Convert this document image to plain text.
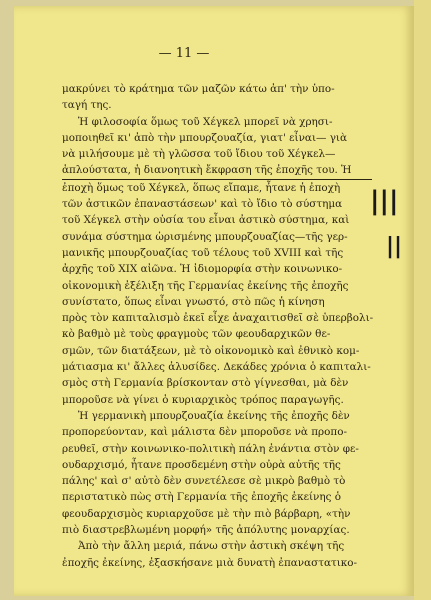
— 11 —
μακρύνει τὸ κράτημα τῶν μαζῶν κάτω ἀπ' τὴν ὑπο-
ταγή της.
Ἡ φιλοσοφία ὅμως τοῦ Χέγκελ μπορεῖ νὰ χρησι-
μοποιηθεῖ κι' ἀπὸ τὴν μπουρζουαζία, γιατ' εἶναι— γιὰ
νὰ μιλήσουμε μὲ τὴ γλῶσσα τοῦ ἴδιου τοῦ Χέγκελ—
ἁπλούστατα, ἡ διανοητικὴ ἔκφραση τῆς ἐποχῆς του. Ἡ
ἐποχὴ ὅμως τοῦ Χέγκελ, ὅπως εἴπαμε, ἦτανε ἡ ἐποχὴ
τῶν ἀστικῶν ἐπαναστάσεων' καὶ τὸ ἴδιο τὸ σύστημα
τοῦ Χέγκελ στὴν οὐσία του εἶναι ἀστικὸ σύστημα, καὶ
συνάμα σύστημα ὡρισμένης μπουρζουαζίας—τῆς γερ-
μανικῆς μπουρζουαζίας τοῦ τέλους τοῦ XVIII καὶ τῆς
ἀρχῆς τοῦ XIX αἰῶνα. Ἡ ἰδιομορφία στὴν κοινωνικο-
οἰκονομικὴ ἐξέλιξη τῆς Γερμανίας ἐκείνης τῆς ἐποχῆς
συνίστατο, ὅπως εἶναι γνωστό, στὸ πῶς ἡ κίνηση
πρὸς τὸν καπιταλισμὸ ἐκεῖ εἶχε ἀναχαιτισθεῖ σὲ ὑπερβολι-
κὸ βαθμὸ μὲ τοὺς φραγμοὺς τῶν φεουδαρχικῶν θε-
σμῶν, τῶν διατάξεων, μὲ τὸ οἰκονομικὸ καὶ ἐθνικὸ κομ-
μάτιασμα κι' ἄλλες ἁλυσίδες. Δεκάδες χρόνια ὁ καπιταλι-
σμὸς στὴ Γερμανία βρίσκονταν στὸ γίγνεσθαι, μὰ δὲν
μποροῦσε νὰ γίνει ὁ κυριαρχικὸς τρόπος παραγωγῆς.
Ἡ γερμανικὴ μπουρζουαζία ἐκείνης τῆς ἐποχῆς δὲν
προπορεύονταν, καὶ μάλιστα δὲν μποροῦσε νὰ προπο-
ρευθεῖ, στὴν κοινωνικο-πολιτικὴ πάλη ἐνάντια στὸν φε-
ουδαρχισμό, ἦτανε προσδεμένη στὴν οὐρὰ αὐτῆς τῆς
πάλης' καὶ σ' αὐτὸ δὲν συνετέλεσε σὲ μικρὸ βαθμὸ τὸ
περιστατικὸ πὼς στὴ Γερμανία τῆς ἐποχῆς ἐκείνης ὁ
φεουδαρχισμὸς κυριαρχοῦσε μὲ τὴν πιὸ βάρβαρη, «τὴν
πιὸ διαστρεβλωμένη μορφή» τῆς ἀπόλυτης μοναρχίας.
Ἀπὸ τὴν ἄλλη μεριά, πάνω στὴν ἀστικὴ σκέψη τῆς
ἐποχῆς ἐκείνης, ἐξασκήσανε μιὰ δυνατὴ ἐπαναστατικο-
|||
||
